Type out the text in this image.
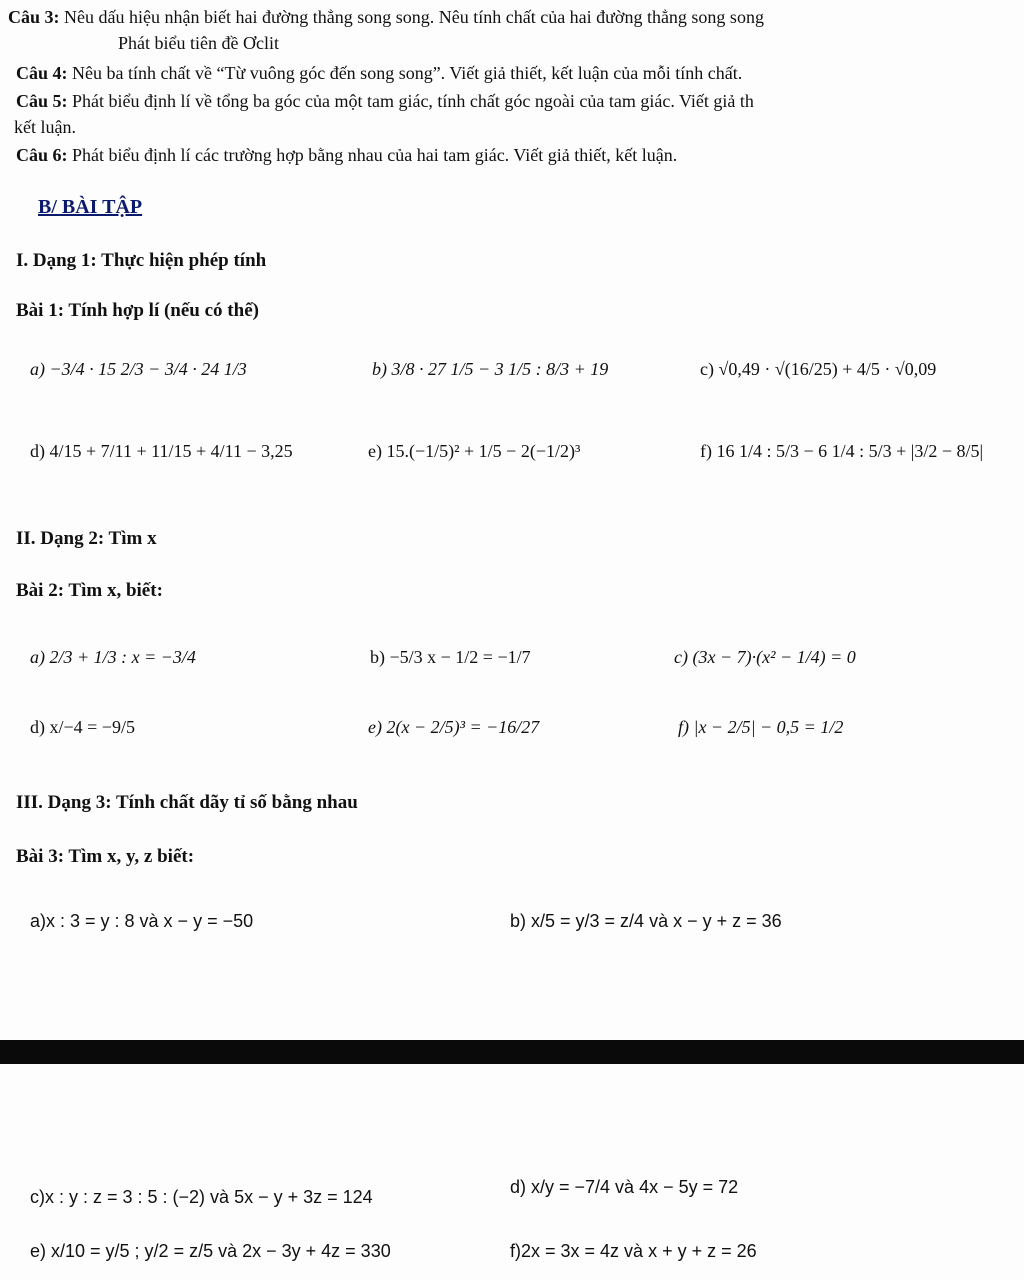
Câu 3: Nêu dấu hiệu nhận biết hai đường thẳng song song. Nêu tính chất của hai đường thẳng song song
Phát biểu tiên đề Ơclit
Câu 4: Nêu ba tính chất về “Từ vuông góc đến song song”. Viết giả thiết, kết luận của mỗi tính chất.
Câu 5: Phát biểu định lí về tổng ba góc của một tam giác, tính chất góc ngoài của tam giác. Viết giả th
kết luận.
Câu 6: Phát biểu định lí các trường hợp bằng nhau của hai tam giác. Viết giả thiết, kết luận.
B/ BÀI TẬP
I. Dạng 1: Thực hiện phép tính
Bài 1: Tính hợp lí (nếu có thể)
a) −3/4 · 15 2/3 − 3/4 · 24 1/3	b) 3/8 · 27 1/5 − 3 1/5 : 8/3 + 19	c) √0,49 · √(16/25) + 4/5 · √0,09
d) 4/15 + 7/11 + 11/15 + 4/11 − 3,25	e) 15.(−1/5)² + 1/5 − 2(−1/2)³	f) 16 1/4 : 5/3 − 6 1/4 : 5/3 + |3/2 − 8/5|
II. Dạng 2: Tìm x
Bài 2: Tìm x, biết:
a) 2/3 + 1/3 : x = −3/4	b) −5/3 x − 1/2 = −1/7	c) (3x − 7)·(x² − 1/4) = 0
d) x/−4 = −9/5	e) 2(x − 2/5)³ = −16/27	f) |x − 2/5| − 0,5 = 1/2
III. Dạng 3: Tính chất dãy tỉ số bằng nhau
Bài 3: Tìm x, y, z biết:
a)x : 3 = y : 8 và x − y = −50	b) x/5 = y/3 = z/4 và x − y + z = 36
c)x : y : z = 3 : 5 : (−2) và 5x − y + 3z = 124	d) x/y = −7/4 và 4x − 5y = 72
e) x/10 = y/5 ; y/2 = z/5 và 2x − 3y + 4z = 330	f)2x = 3x = 4z và x + y + z = 26
